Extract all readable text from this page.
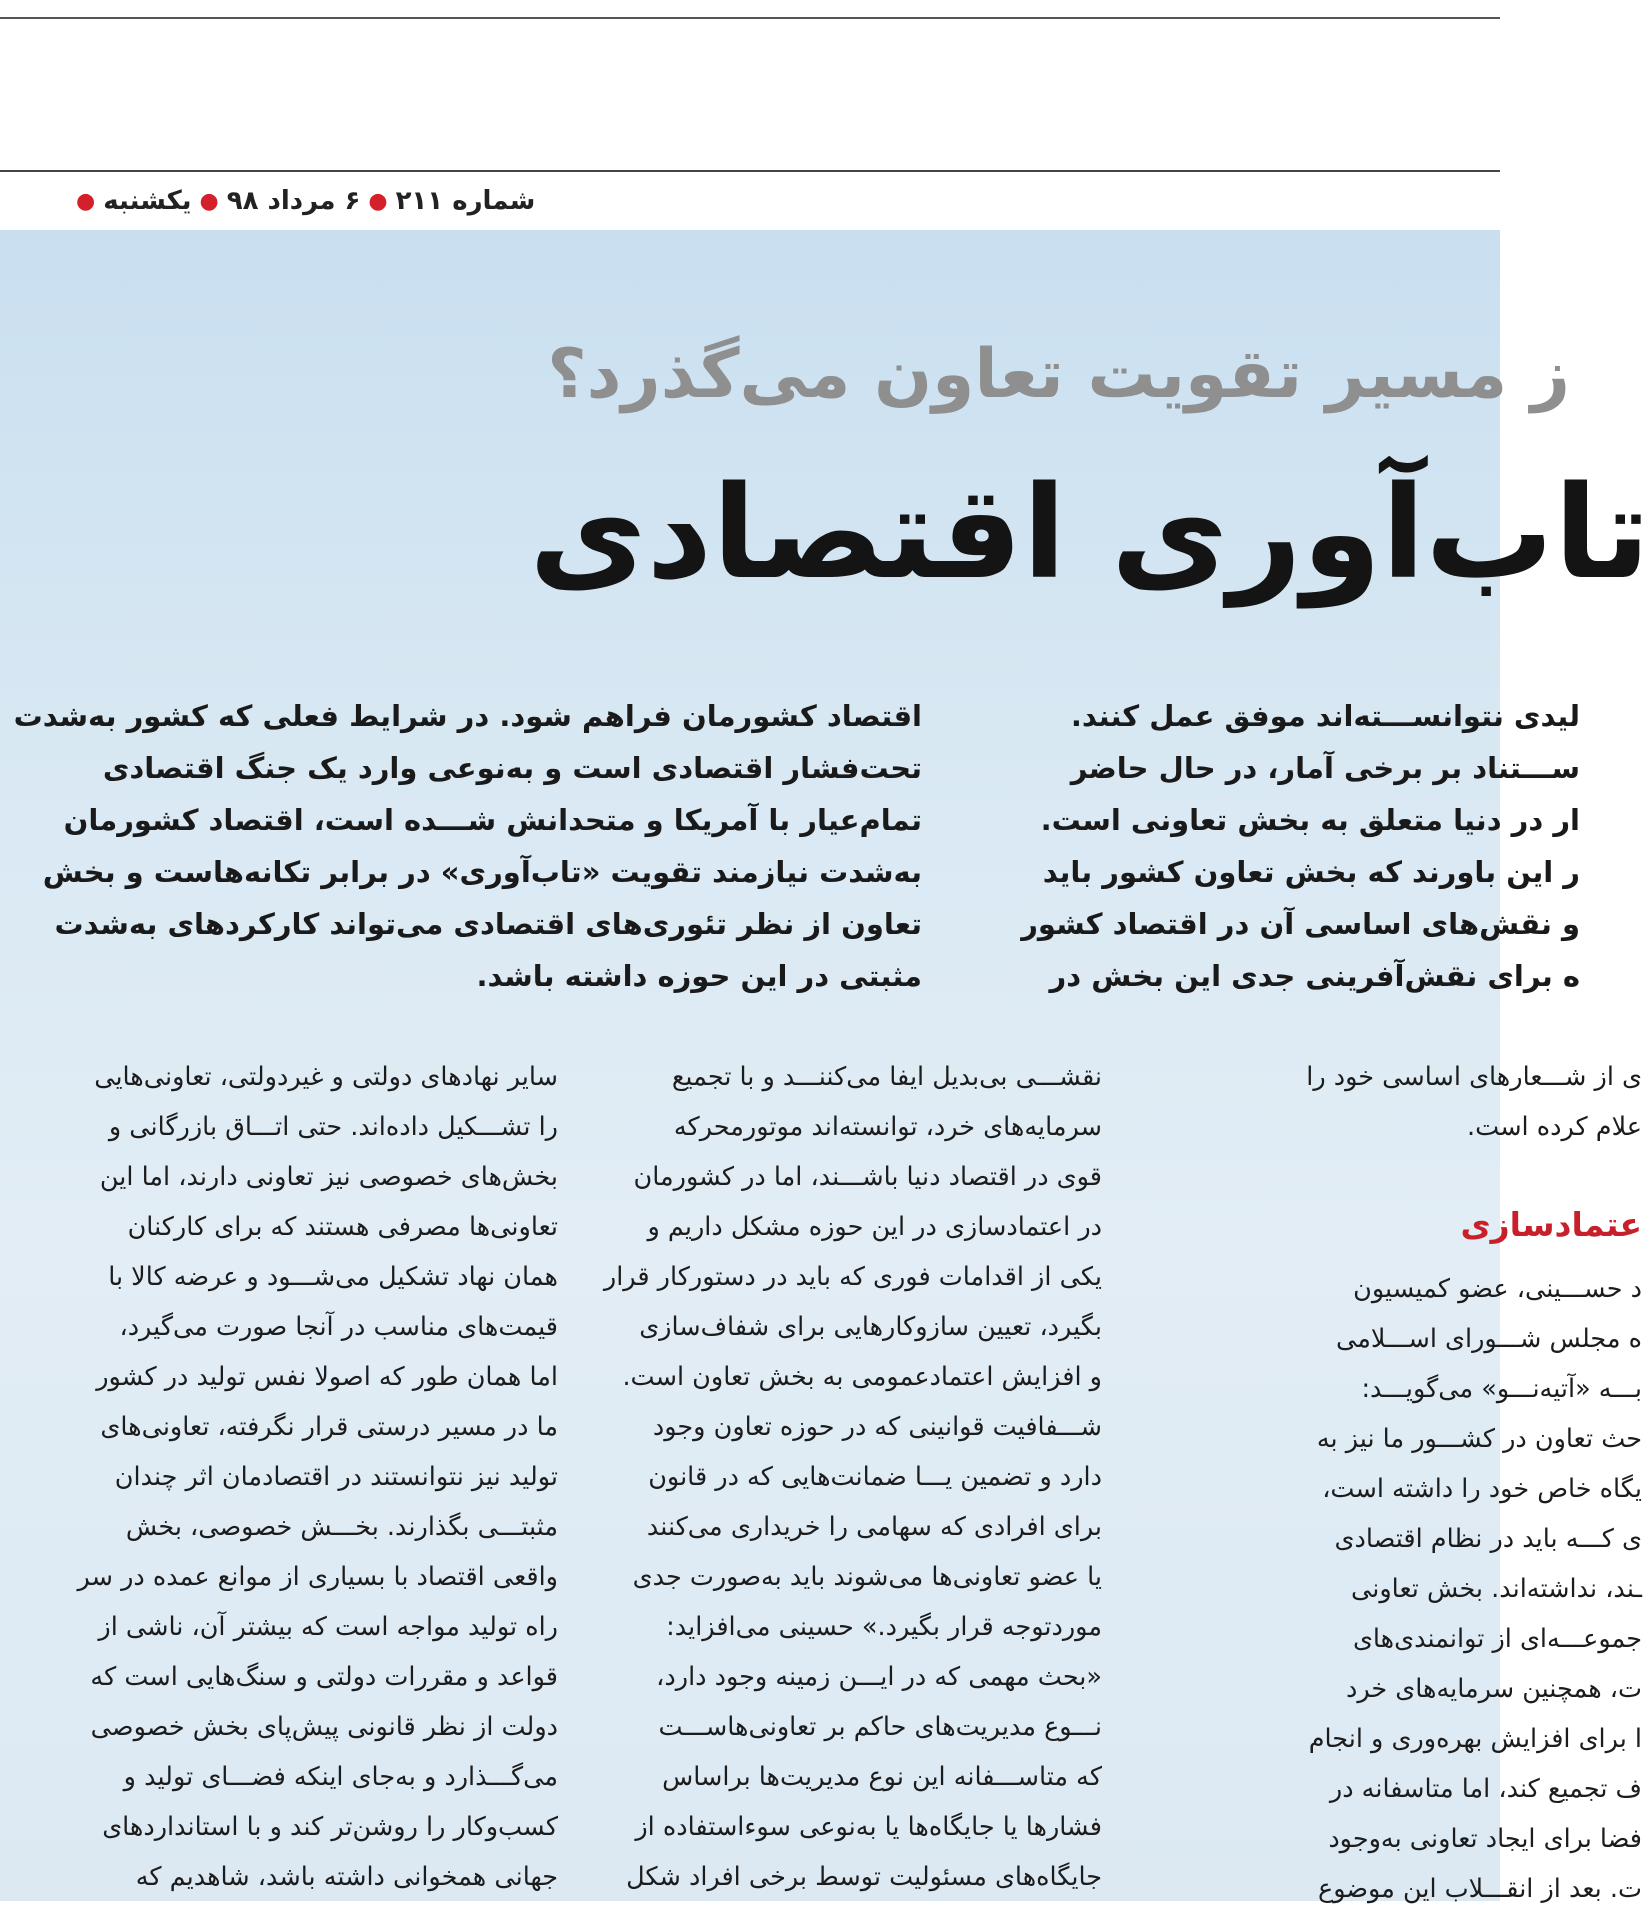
● یکشنبه ● ۶ مرداد ۹۸ ● شماره ۲۱۱
ز مسیر تقویت تعاون می‌گذرد؟
تاب‌آوری اقتصادی

اقتصاد کشورمان فراهم شود. در شرایط فعلی که کشور به‌شدت

تحت‌فشار اقتصادی است و به‌نوعی وارد یک جنگ اقتصادی

تمام‌عیار با آمریکا و متحدانش شـــده است، اقتصاد کشورمان

به‌شدت نیازمند تقویت «تاب‌آوری» در برابر تکانه‌هاست و بخش

تعاون از نظر تئوری‌های اقتصادی می‌تواند کارکردهای به‌شدت

مثبتی در این حوزه داشته باشد.

لیدی نتوانســـته‌اند موفق عمل کنند.

ســـتناد بر برخی آمار، در حال حاضر

ار در دنیا متعلق به بخش تعاونی است.

ر این باورند که بخش تعاون کشور باید

و نقش‌های اساسی آن در اقتصاد کشور

ه برای نقش‌آفرینی جدی این بخش در

سایر نهادهای دولتی و غیردولتی، تعاونی‌هایی

را تشـــکیل داده‌اند. حتی اتـــاق بازرگانی و

بخش‌های خصوصی نیز تعاونی دارند، اما این

تعاونی‌ها مصرفی هستند که برای کارکنان

همان نهاد تشکیل می‌شـــود و عرضه کالا با

قیمت‌های مناسب در آنجا صورت می‌گیرد،

اما همان طور که اصولا نفس تولید در کشور

ما در مسیر درستی قرار نگرفته، تعاونی‌های

تولید نیز نتوانستند در اقتصادمان اثر چندان

مثبتـــی بگذارند. بخـــش خصوصی، بخش

واقعی اقتصاد با بسیاری از موانع عمده در سر

راه تولید مواجه است که بیشتر آن، ناشی از

قواعد و مقررات دولتی و سنگ‌هایی است که

دولت از نظر قانونی پیش‌پای بخش خصوصی

می‌گـــذارد و به‌جای اینکه فضـــای تولید و

کسب‌وکار را روشن‌تر کند و با استانداردهای

جهانی همخوانی داشته باشد، شاهدیم که

نقشـــی بی‌بدیل ایفا می‌کننـــد و با تجمیع

سرمایه‌های خرد، توانسته‌اند موتورمحرکه

قوی در اقتصاد دنیا باشـــند، اما در کشورمان

در اعتمادسازی در این حوزه مشکل داریم و

یکی از اقدامات فوری که باید در دستورکار قرار

بگیرد، تعیین سازوکارهایی برای شفاف‌سازی

و افزایش اعتمادعمومی به بخش تعاون است.

شـــفافیت قوانینی که در حوزه تعاون وجود

دارد و تضمین یـــا ضمانت‌هایی که در قانون

برای افرادی که سهامی را خریداری می‌کنند

یا عضو تعاونی‌ها می‌شوند باید به‌صورت جدی

موردتوجه قرار بگیرد.» حسینی می‌افزاید:

«بحث مهمی که در ایـــن زمینه وجود دارد،

نـــوع مدیریت‌های حاکم بر تعاونی‌هاســـت

که متاســـفانه این نوع مدیریت‌ها براساس

فشارها یا جایگاه‌ها یا به‌نوعی سوءاستفاده از

جایگاه‌های مسئولیت توسط برخی افراد شکل

ی از شـــعارهای اساسی خود را

علام کرده است.

عتمادسازی

د حســـینی، عضو کمیسیون

ه مجلس شـــورای اســـلامی

بـــه «آتیه‌نـــو» می‌گویـــد:

حث تعاون در کشـــور ما نیز به

یگاه خاص خود را داشته است،

ی کـــه باید در نظام اقتصادی

ـند، نداشته‌اند. بخش تعاونی

جموعـــه‌ای از توانمندی‌های

ت، همچنین سرمایه‌های خرد

ا برای افزایش بهره‌وری و انجام

ف تجمیع کند، اما متاسفانه در

فضا برای ایجاد تعاونی به‌وجود

ت. بعد از انقـــلاب این موضوع
